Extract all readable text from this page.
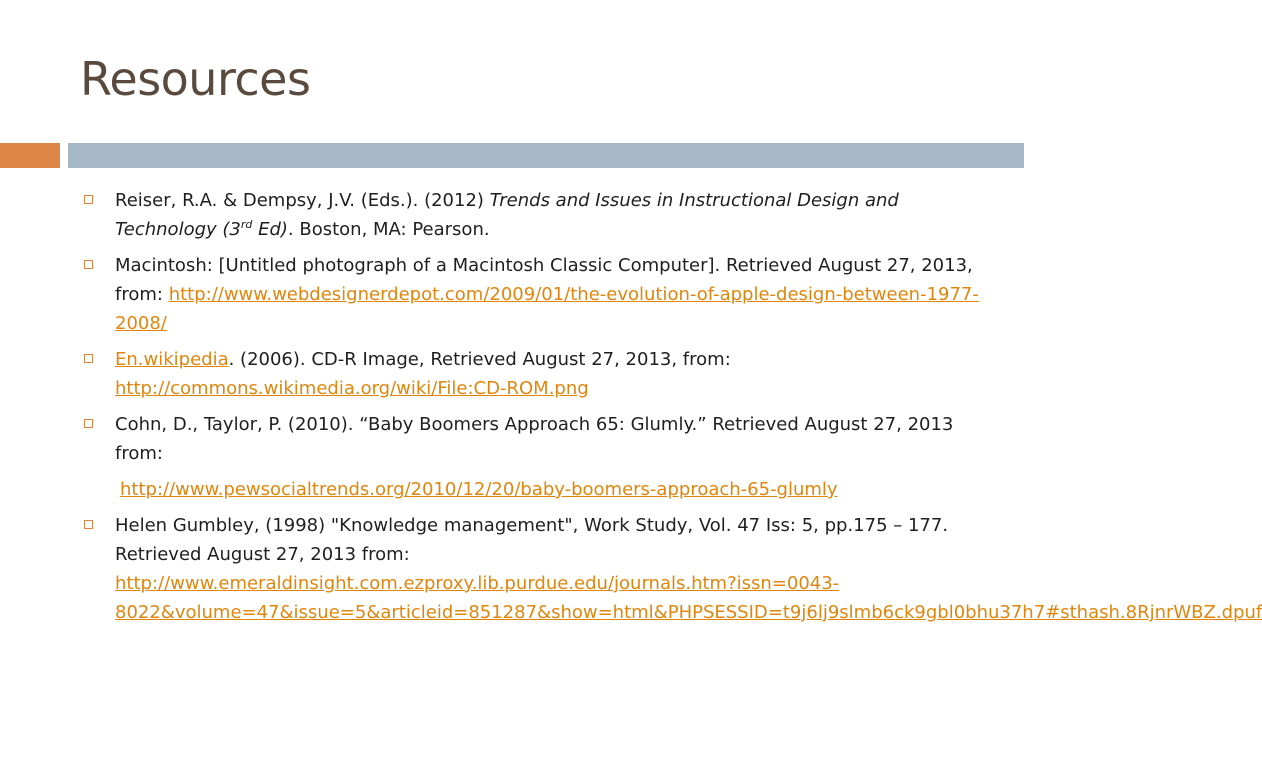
Resources
Reiser, R.A. & Dempsy, J.V. (Eds.). (2012) Trends and Issues in Instructional Design and Technology (3rd Ed). Boston, MA: Pearson.
Macintosh: [Untitled photograph of a Macintosh Classic Computer]. Retrieved August 27, 2013, from: http://www.webdesignerdepot.com/2009/01/the-evolution-of-apple-design-between-1977-2008/
En.wikipedia. (2006). CD-R Image, Retrieved August 27, 2013, from: http://commons.wikimedia.org/wiki/File:CD-ROM.png
Cohn, D., Taylor, P. (2010). “Baby Boomers Approach 65: Glumly.” Retrieved August 27, 2013 from:
http://www.pewsocialtrends.org/2010/12/20/baby-boomers-approach-65-glumly
Helen Gumbley, (1998) "Knowledge management", Work Study, Vol. 47 Iss: 5, pp.175 – 177. Retrieved August 27, 2013 from: http://www.emeraldinsight.com.ezproxy.lib.purdue.edu/journals.htm?issn=0043-8022&volume=47&issue=5&articleid=851287&show=html&PHPSESSID=t9j6lj9slmb6ck9gbl0bhu37h7#sthash.8RjnrWBZ.dpuf
